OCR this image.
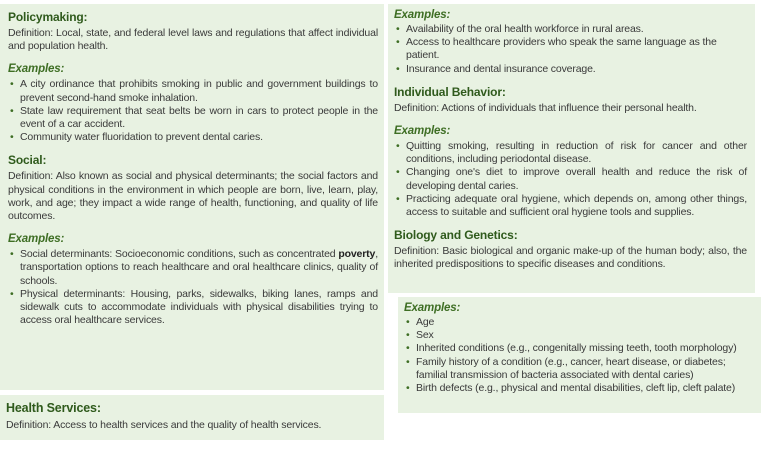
Policymaking:

Definition: Local, state, and federal level laws and regulations that affect individual and population health.

Examples:
• A city ordinance that prohibits smoking in public and government buildings to prevent second-hand smoke inhalation.
• State law requirement that seat belts be worn in cars to protect people in the event of a car accident.
• Community water fluoridation to prevent dental caries.
Social:

Definition: Also known as social and physical determinants; the social factors and physical conditions in the environment in which people are born, live, learn, play, work, and age; they impact a wide range of health, functioning, and quality of life outcomes.

Examples:
• Social determinants: Socioeconomic conditions, such as concentrated poverty, transportation options to reach healthcare and oral healthcare clinics, quality of schools.
• Physical determinants: Housing, parks, sidewalks, biking lanes, ramps and sidewalk cuts to accommodate individuals with physical disabilities trying to access oral healthcare services.
Health Services:

Definition: Access to health services and the quality of health services.

Examples:
• Availability of the oral health workforce in rural areas.
• Access to healthcare providers who speak the same language as the patient.
• Insurance and dental insurance coverage.
Individual Behavior:

Definition: Actions of individuals that influence their personal health.

Examples:
• Quitting smoking, resulting in reduction of risk for cancer and other conditions, including periodontal disease.
• Changing one's diet to improve overall health and reduce the risk of developing dental caries.
• Practicing adequate oral hygiene, which depends on, among other things, access to suitable and sufficient oral hygiene tools and supplies.
Biology and Genetics:

Definition: Basic biological and organic make-up of the human body; also, the inherited predispositions to specific diseases and conditions.

Examples:
• Age
• Sex
• Inherited conditions (e.g., congenitally missing teeth, tooth morphology)
• Family history of a condition (e.g., cancer, heart disease, or diabetes; familial transmission of bacteria associated with dental caries)
• Birth defects (e.g., physical and mental disabilities, cleft lip, cleft palate)
